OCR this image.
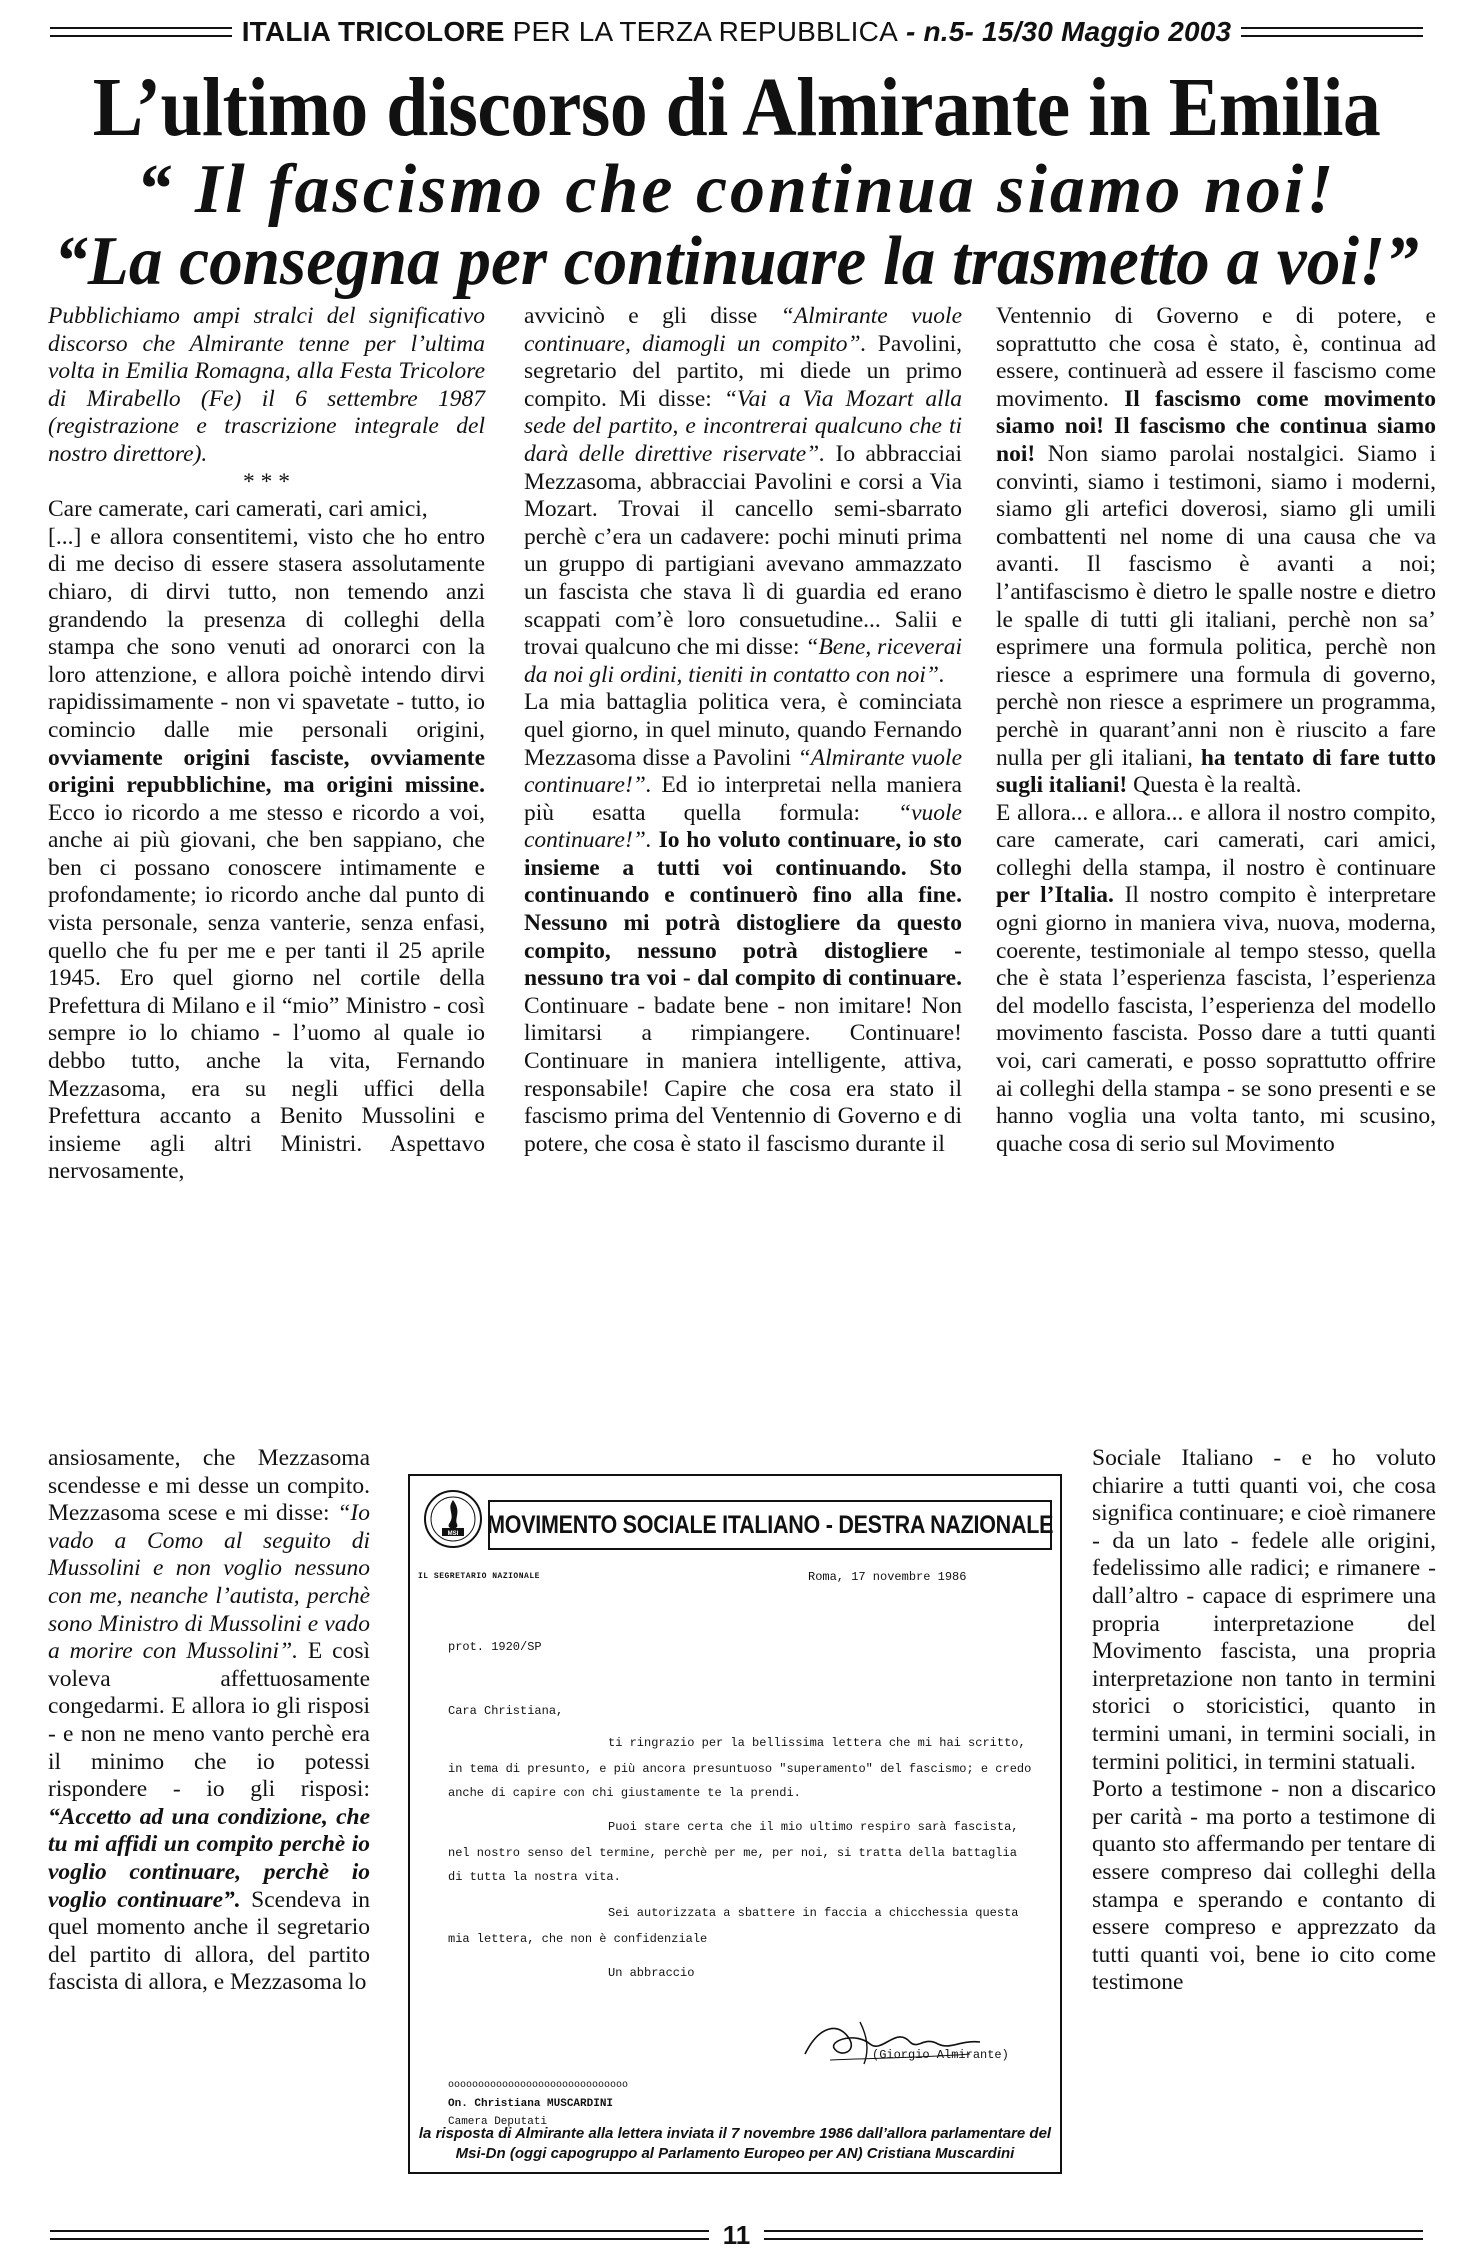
ITALIA TRICOLORE PER LA TERZA REPUBBLICA - n.5- 15/30 Maggio 2003
L’ultimo discorso di Almirante in Emilia
“ Il fascismo che continua siamo noi!
“La consegna per continuare la trasmetto a voi!”

Pubblichiamo ampi stralci del significativo discorso che Almirante tenne per l’ultima volta in Emilia Romagna, alla Festa Tricolore di Mirabello (Fe) il 6 settembre 1987 (registrazione e trascrizione integrale del nostro direttore).

* * *

Care camerate, cari camerati, cari amici,

[...] e allora consentitemi, visto che ho entro di me deciso di essere stasera assolutamente chiaro, di dirvi tutto, non temendo anzi grandendo la presenza di colleghi della stampa che sono venuti ad onorarci con la loro attenzione, e allora poichè intendo dirvi rapidissimamente - non vi spavetate - tutto, io comincio dalle mie personali origini, ovviamente origini fasciste, ovviamente origini repubblichine, ma origini missine. Ecco io ricordo a me stesso e ricordo a voi, anche ai più giovani, che ben sappiano, che ben ci possano conoscere intimamente e profondamente; io ricordo anche dal punto di vista personale, senza vanterie, senza enfasi, quello che fu per me e per tanti il 25 aprile 1945. Ero quel giorno nel cortile della Prefettura di Milano e il “mio” Ministro - così sempre io lo chiamo - l’uomo al quale io debbo tutto, anche la vita, Fernando Mezzasoma, era su negli uffici della Prefettura accanto a Benito Mussolini e insieme agli altri Ministri. Aspettavo nervosamente,

ansiosamente, che Mezzasoma scendesse e mi desse un compito. Mezzasoma scese e mi disse: “Io vado a Como al seguito di Mussolini e non voglio nessuno con me, neanche l’autista, perchè sono Ministro di Mussolini e vado a morire con Mussolini”. E così voleva affettuosamente congedarmi. E allora io gli risposi - e non ne meno vanto perchè era il minimo che io potessi rispondere - io gli risposi: “Accetto ad una condizione, che tu mi affidi un compito perchè io voglio continuare, perchè io voglio continuare”. Scendeva in quel momento anche il segretario del partito di allora, del partito fascista di allora, e Mezzasoma lo

avvicinò e gli disse “Almirante vuole continuare, diamogli un compito”. Pavolini, segretario del partito, mi diede un primo compito. Mi disse: “Vai a Via Mozart alla sede del partito, e incontrerai qualcuno che ti darà delle direttive riservate”. Io abbracciai Mezzasoma, abbracciai Pavolini e corsi a Via Mozart. Trovai il cancello semi-sbarrato perchè c’era un cadavere: pochi minuti prima un gruppo di partigiani avevano ammazzato un fascista che stava lì di guardia ed erano scappati com’è loro consuetudine... Salii e trovai qualcuno che mi disse: “Bene, riceverai da noi gli ordini, tieniti in contatto con noi”.

La mia battaglia politica vera, è cominciata quel giorno, in quel minuto, quando Fernando Mezzasoma disse a Pavolini “Almirante vuole continuare!”. Ed io interpretai nella maniera più esatta quella formula: “vuole continuare!”. Io ho voluto continuare, io sto insieme a tutti voi continuando. Sto continuando e continuerò fino alla fine. Nessuno mi potrà distogliere da questo compito, nessuno potrà distogliere - nessuno tra voi - dal compito di continuare. Continuare - badate bene - non imitare! Non limitarsi a rimpiangere. Continuare! Continuare in maniera intelligente, attiva, responsabile! Capire che cosa era stato il fascismo prima del Ventennio di Governo e di potere, che cosa è stato il fascismo durante il

Ventennio di Governo e di potere, e soprattutto che cosa è stato, è, continua ad essere, continuerà ad essere il fascismo come movimento. Il fascismo come movimento siamo noi! Il fascismo che continua siamo noi! Non siamo parolai nostalgici. Siamo i convinti, siamo i testimoni, siamo i moderni, siamo gli artefici doverosi, siamo gli umili combattenti nel nome di una causa che va avanti. Il fascismo è avanti a noi; l’antifascismo è dietro le spalle nostre e dietro le spalle di tutti gli italiani, perchè non sa’ esprimere una formula politica, perchè non riesce a esprimere una formula di governo, perchè non riesce a esprimere un programma, perchè in quarant’anni non è riuscito a fare nulla per gli italiani, ha tentato di fare tutto sugli italiani! Questa è la realtà.

E allora... e allora... e allora il nostro compito, care camerate, cari camerati, cari amici, colleghi della stampa, il nostro è continuare per l’Italia. Il nostro compito è interpretare ogni giorno in maniera viva, nuova, moderna, coerente, testimoniale al tempo stesso, quella che è stata l’esperienza fascista, l’esperienza del modello fascista, l’esperienza del modello movimento fascista. Posso dare a tutti quanti voi, cari camerati, e posso soprattutto offrire ai colleghi della stampa - se sono presenti e se hanno voglia una volta tanto, mi scusino, quache cosa di serio sul Movimento

Sociale Italiano - e ho voluto chiarire a tutti quanti voi, che cosa significa continuare; e cioè rimanere - da un lato - fedele alle origini, fedelissimo alle radici; e rimanere - dall’altro - capace di esprimere una propria interpretazione del Movimento fascista, una propria interpretazione non tanto in termini storici o storicistici, quanto in termini umani, in termini sociali, in termini politici, in termini statuali.

Porto a testimone - non a discarico per carità - ma porto a testimone di quanto sto affermando per tentare di essere compreso dai colleghi della stampa e sperando e contanto di essere compreso e apprezzato da tutti quanti voi, bene io cito come testimone

MSI MOVIMENTO SOCIALE ITALIANO - DESTRA NAZIONALE
IL SEGRETARIO NAZIONALE	Roma, 17 novembre 1986
prot. 1920/SP
Cara Christiana,
ti ringrazio per la bellissima lettera che mi hai scritto,
in tema di presunto, e più ancora presuntuoso "superamento" del fascismo; e credo
anche di capire con chi giustamente te la prendi.
Puoi stare certa che il mio ultimo respiro sarà fascista,
nel nostro senso del termine, perchè per me, per noi, si tratta della battaglia
di tutta la nostra vita.
Sei autorizzata a sbattere in faccia a chicchessia questa
mia lettera, che non è confidenziale
Un abbraccio
(Giorgio Almirante)
oooooooooooooooooooooooooooooo
On. Christiana MUSCARDINI
Camera Deputati
la risposta di Almirante alla lettera inviata il 7 novembre 1986 dall’allora parlamentare del Msi-Dn (oggi capogruppo al Parlamento Europeo per AN) Cristiana Muscardini
11
